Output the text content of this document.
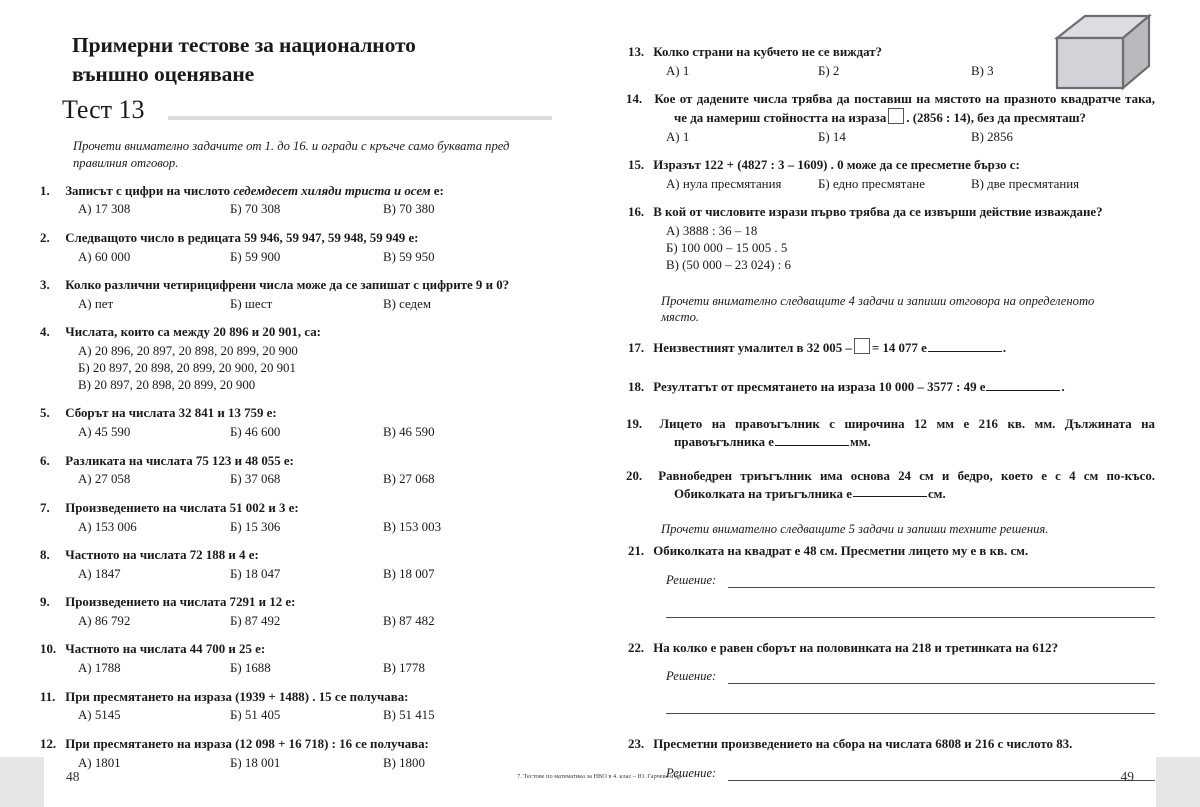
Примерни тестове за националното
външно оценяване
Тест 13
Прочети внимателно задачите от 1. до 16. и огради с кръгче само буквата пред правилния отговор.
1. Записът с цифри на числото седемдесет хиляди триста и осем е:
А) 17 308	Б) 70 308	В) 70 380
2. Следващото число в редицата 59 946, 59 947, 59 948, 59 949 е:
А) 60 000	Б) 59 900	В) 59 950
3. Колко различни четирицифрени числа може да се запишат с цифрите 9 и 0?
А) пет	Б) шест	В) седем
4. Числата, които са между 20 896 и 20 901, са:
А) 20 896, 20 897, 20 898, 20 899, 20 900
Б) 20 897, 20 898, 20 899, 20 900, 20 901
В) 20 897, 20 898, 20 899, 20 900
5. Сборът на числата 32 841 и 13 759 е:
А) 45 590	Б) 46 600	В) 46 590
6. Разликата на числата 75 123 и 48 055 е:
А) 27 058	Б) 37 068	В) 27 068
7. Произведението на числата 51 002 и 3 е:
А) 153 006	Б) 15 306	В) 153 003
8. Частното на числата 72 188 и 4 е:
А) 1847	Б) 18 047	В) 18 007
9. Произведението на числата 7291 и 12 е:
А) 86 792	Б) 87 492	В) 87 482
10. Частното на числата 44 700 и 25 е:
А) 1788	Б) 1688	В) 1778
11. При пресмятането на израза (1939 + 1488) . 15 се получава:
А) 5145	Б) 51 405	В) 51 415
12. При пресмятането на израза (12 098 + 16 718) : 16 се получава:
А) 1801	Б) 18 001	В) 1800
13. Колко страни на кубчето не се виждат?
А) 1	Б) 2	В) 3
14. Кое от дадените числа трябва да поставиш на мястото на празното квадратче така, че да намериш стойността на израза . (2856 : 14), без да пресмяташ?
А) 1	Б) 14	В) 2856
15. Изразът 122 + (4827 : 3 – 1609) . 0 може да се пресметне бързо с:
А) нула пресмятания	Б) едно пресмятане	В) две пресмятания
16. В кой от числовите изрази първо трябва да се извърши действие изваждане?
А) 3888 : 36 – 18
Б) 100 000 – 15 005 . 5
В) (50 000 – 23 024) : 6
Прочети внимателно следващите 4 задачи и запиши отговора на определеното място.
17. Неизвестният умалител в 32 005 – = 14 077 е	.
18. Резултатът от пресмятането на израза 10 000 – 3577 : 49 е	.
19. Лицето на правоъгълник с широчина 12 мм е 216 кв. мм. Дължината на правоъгълника е	мм.
20. Равнобедрен триъгълник има основа 24 см и бедро, което е с 4 см по-късо. Обиколката на триъгълника е	см.
Прочети внимателно следващите 5 задачи и запиши техните решения.
21. Обиколката на квадрат е 48 см. Пресметни лицето му е в кв. см.
Решение:
22. На колко е равен сборът на половинката на 218 и третинката на 612?
Решение:
23. Пресметни произведението на сбора на числата 6808 и 216 с числото 83.
Решение:
48	7. Тестове по математика за НВО в 4. клас – Ю. Гарчева и др.	49
